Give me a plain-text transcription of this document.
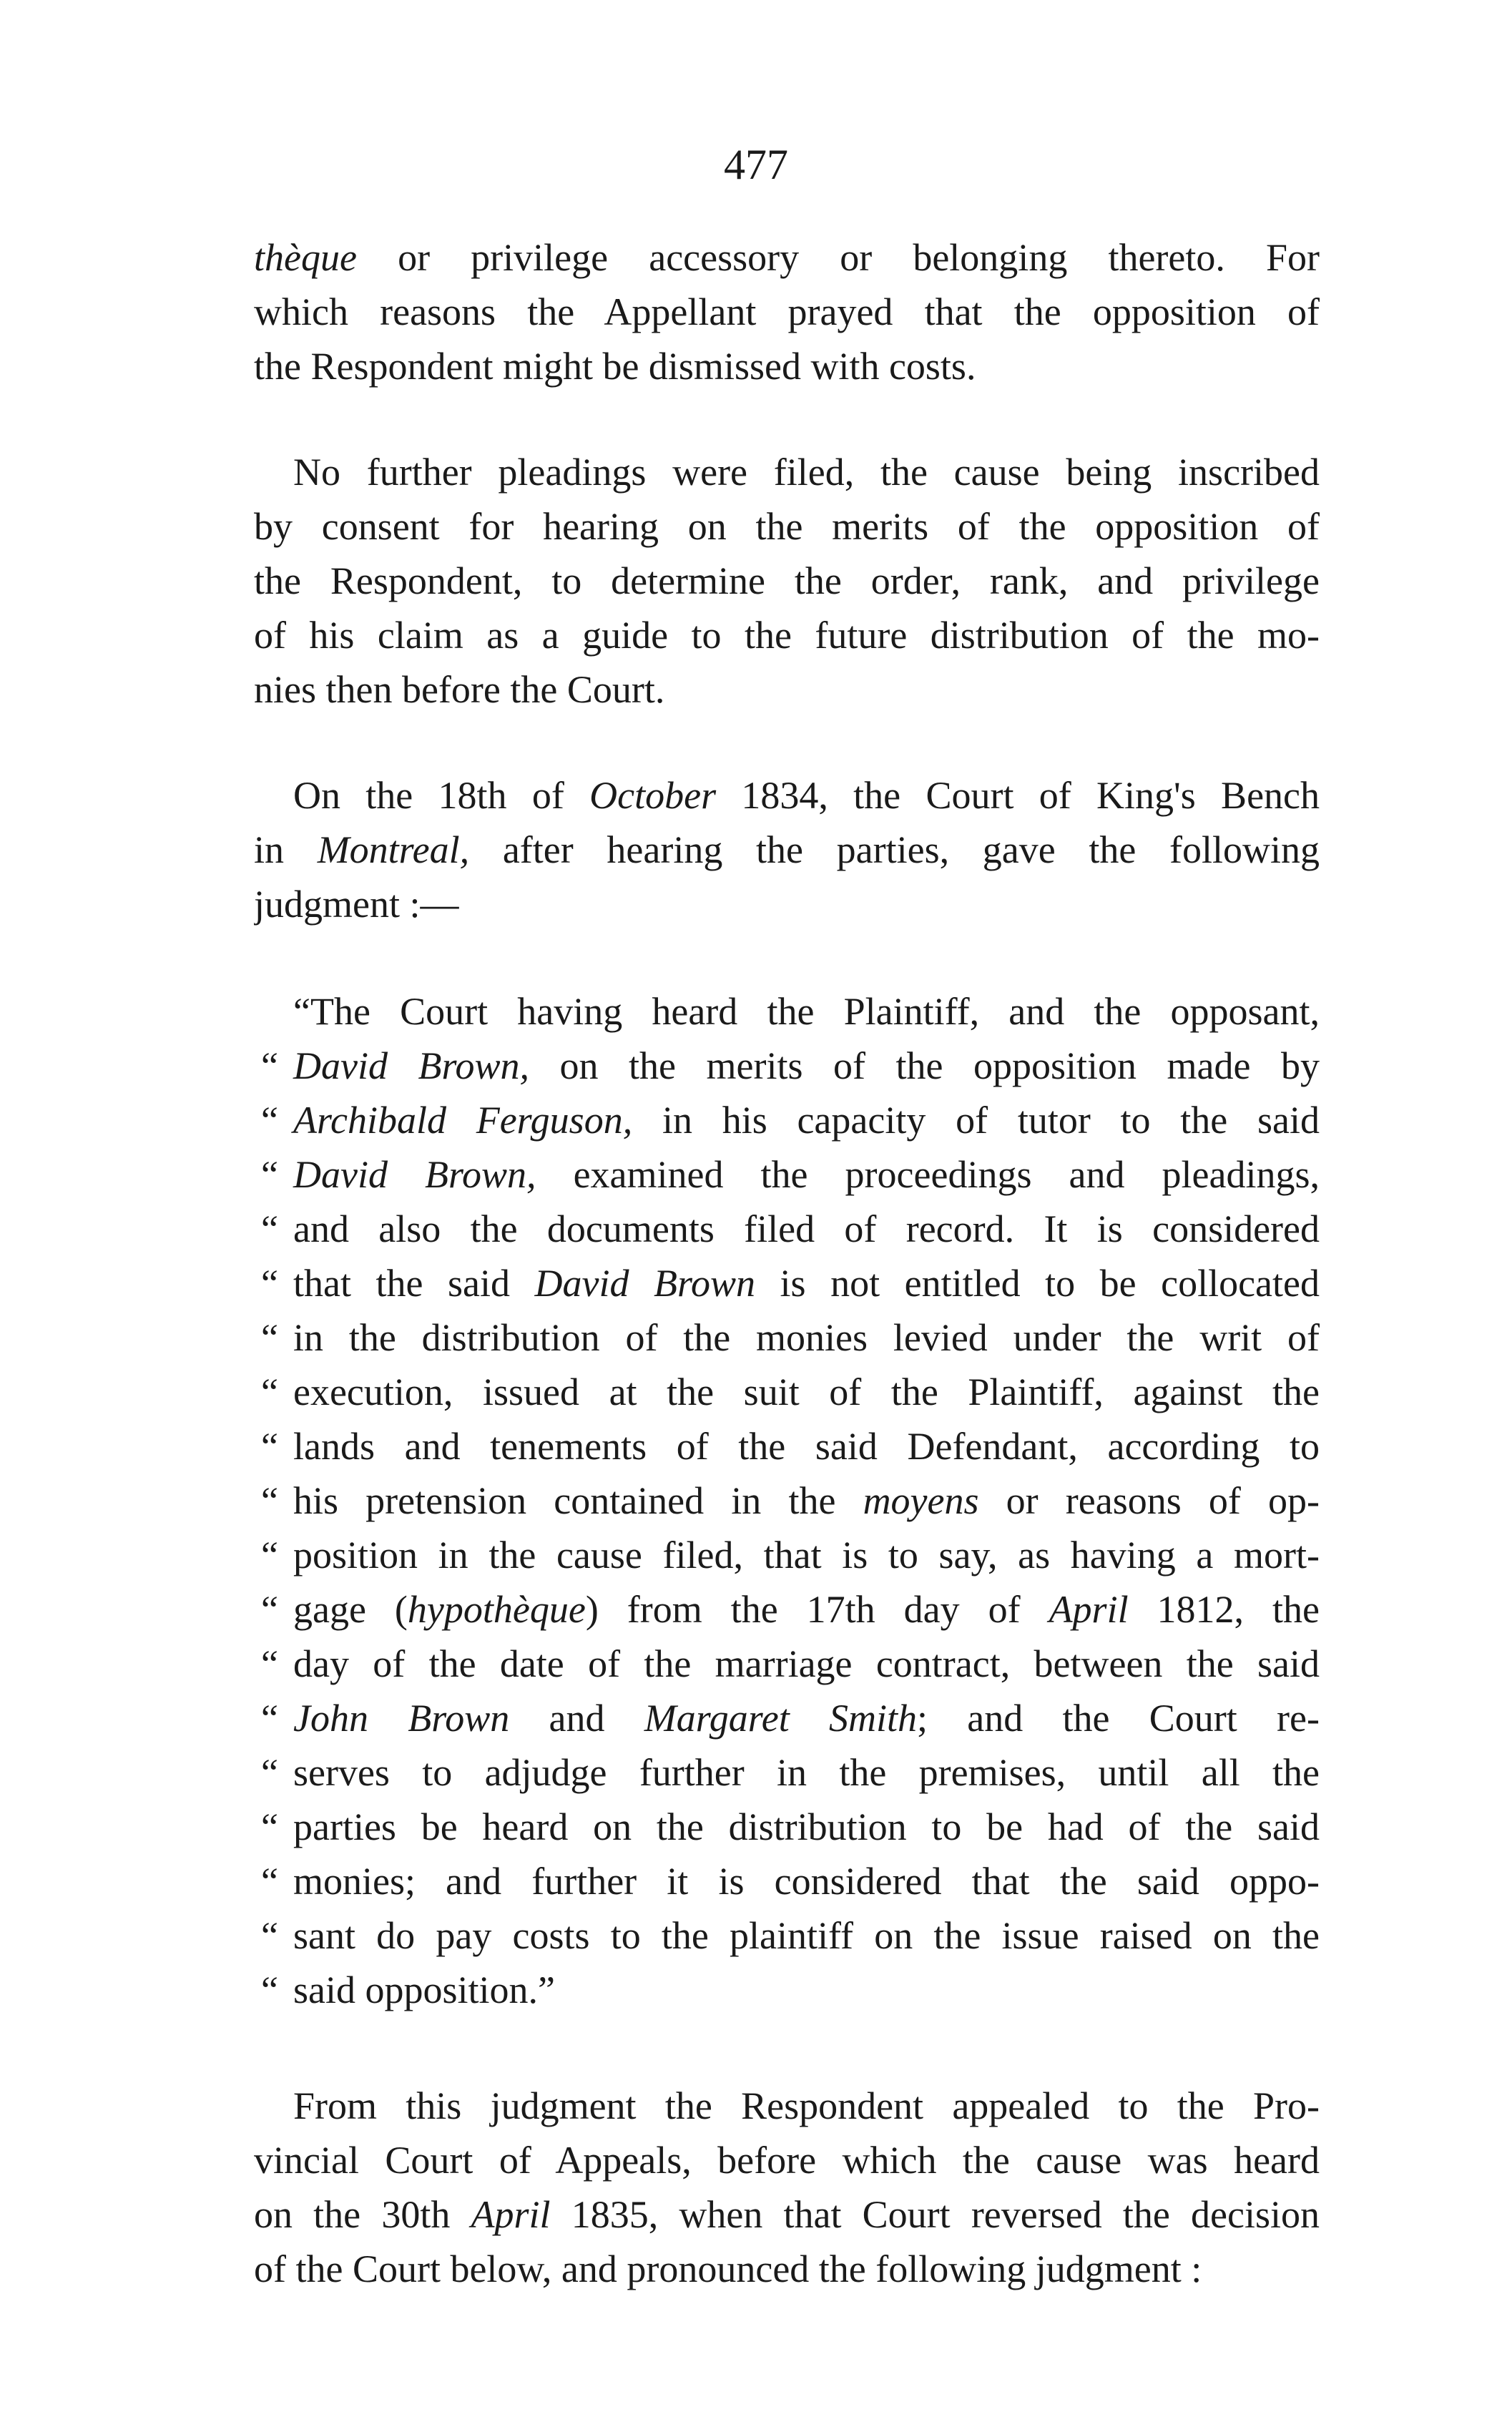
477
thèque or privilege accessory or belonging thereto. For
which reasons the Appellant prayed that the opposition of
the Respondent might be dismissed with costs.
No further pleadings were filed, the cause being inscribed
by consent for hearing on the merits of the opposition of
the Respondent, to determine the order, rank, and privilege
of his claim as a guide to the future distribution of the mo-
nies then before the Court.
On the 18th of October 1834, the Court of King's Bench
in Montreal, after hearing the parties, gave the following
judgment :—
“The Court having heard the Plaintiff, and the opposant,
“ David Brown, on the merits of the opposition made by
“ Archibald Ferguson, in his capacity of tutor to the said
“ David Brown, examined the proceedings and pleadings,
“ and also the documents filed of record. It is considered
“ that the said David Brown is not entitled to be collocated
“ in the distribution of the monies levied under the writ of
“ execution, issued at the suit of the Plaintiff, against the
“ lands and tenements of the said Defendant, according to
“ his pretension contained in the moyens or reasons of op-
“ position in the cause filed, that is to say, as having a mort-
“ gage (hypothèque) from the 17th day of April 1812, the
“ day of the date of the marriage contract, between the said
“ John Brown and Margaret Smith; and the Court re-
“ serves to adjudge further in the premises, until all the
“ parties be heard on the distribution to be had of the said
“ monies; and further it is considered that the said oppo-
“ sant do pay costs to the plaintiff on the issue raised on the
“ said opposition.”
From this judgment the Respondent appealed to the Pro-
vincial Court of Appeals, before which the cause was heard
on the 30th April 1835, when that Court reversed the decision
of the Court below, and pronounced the following judgment :
